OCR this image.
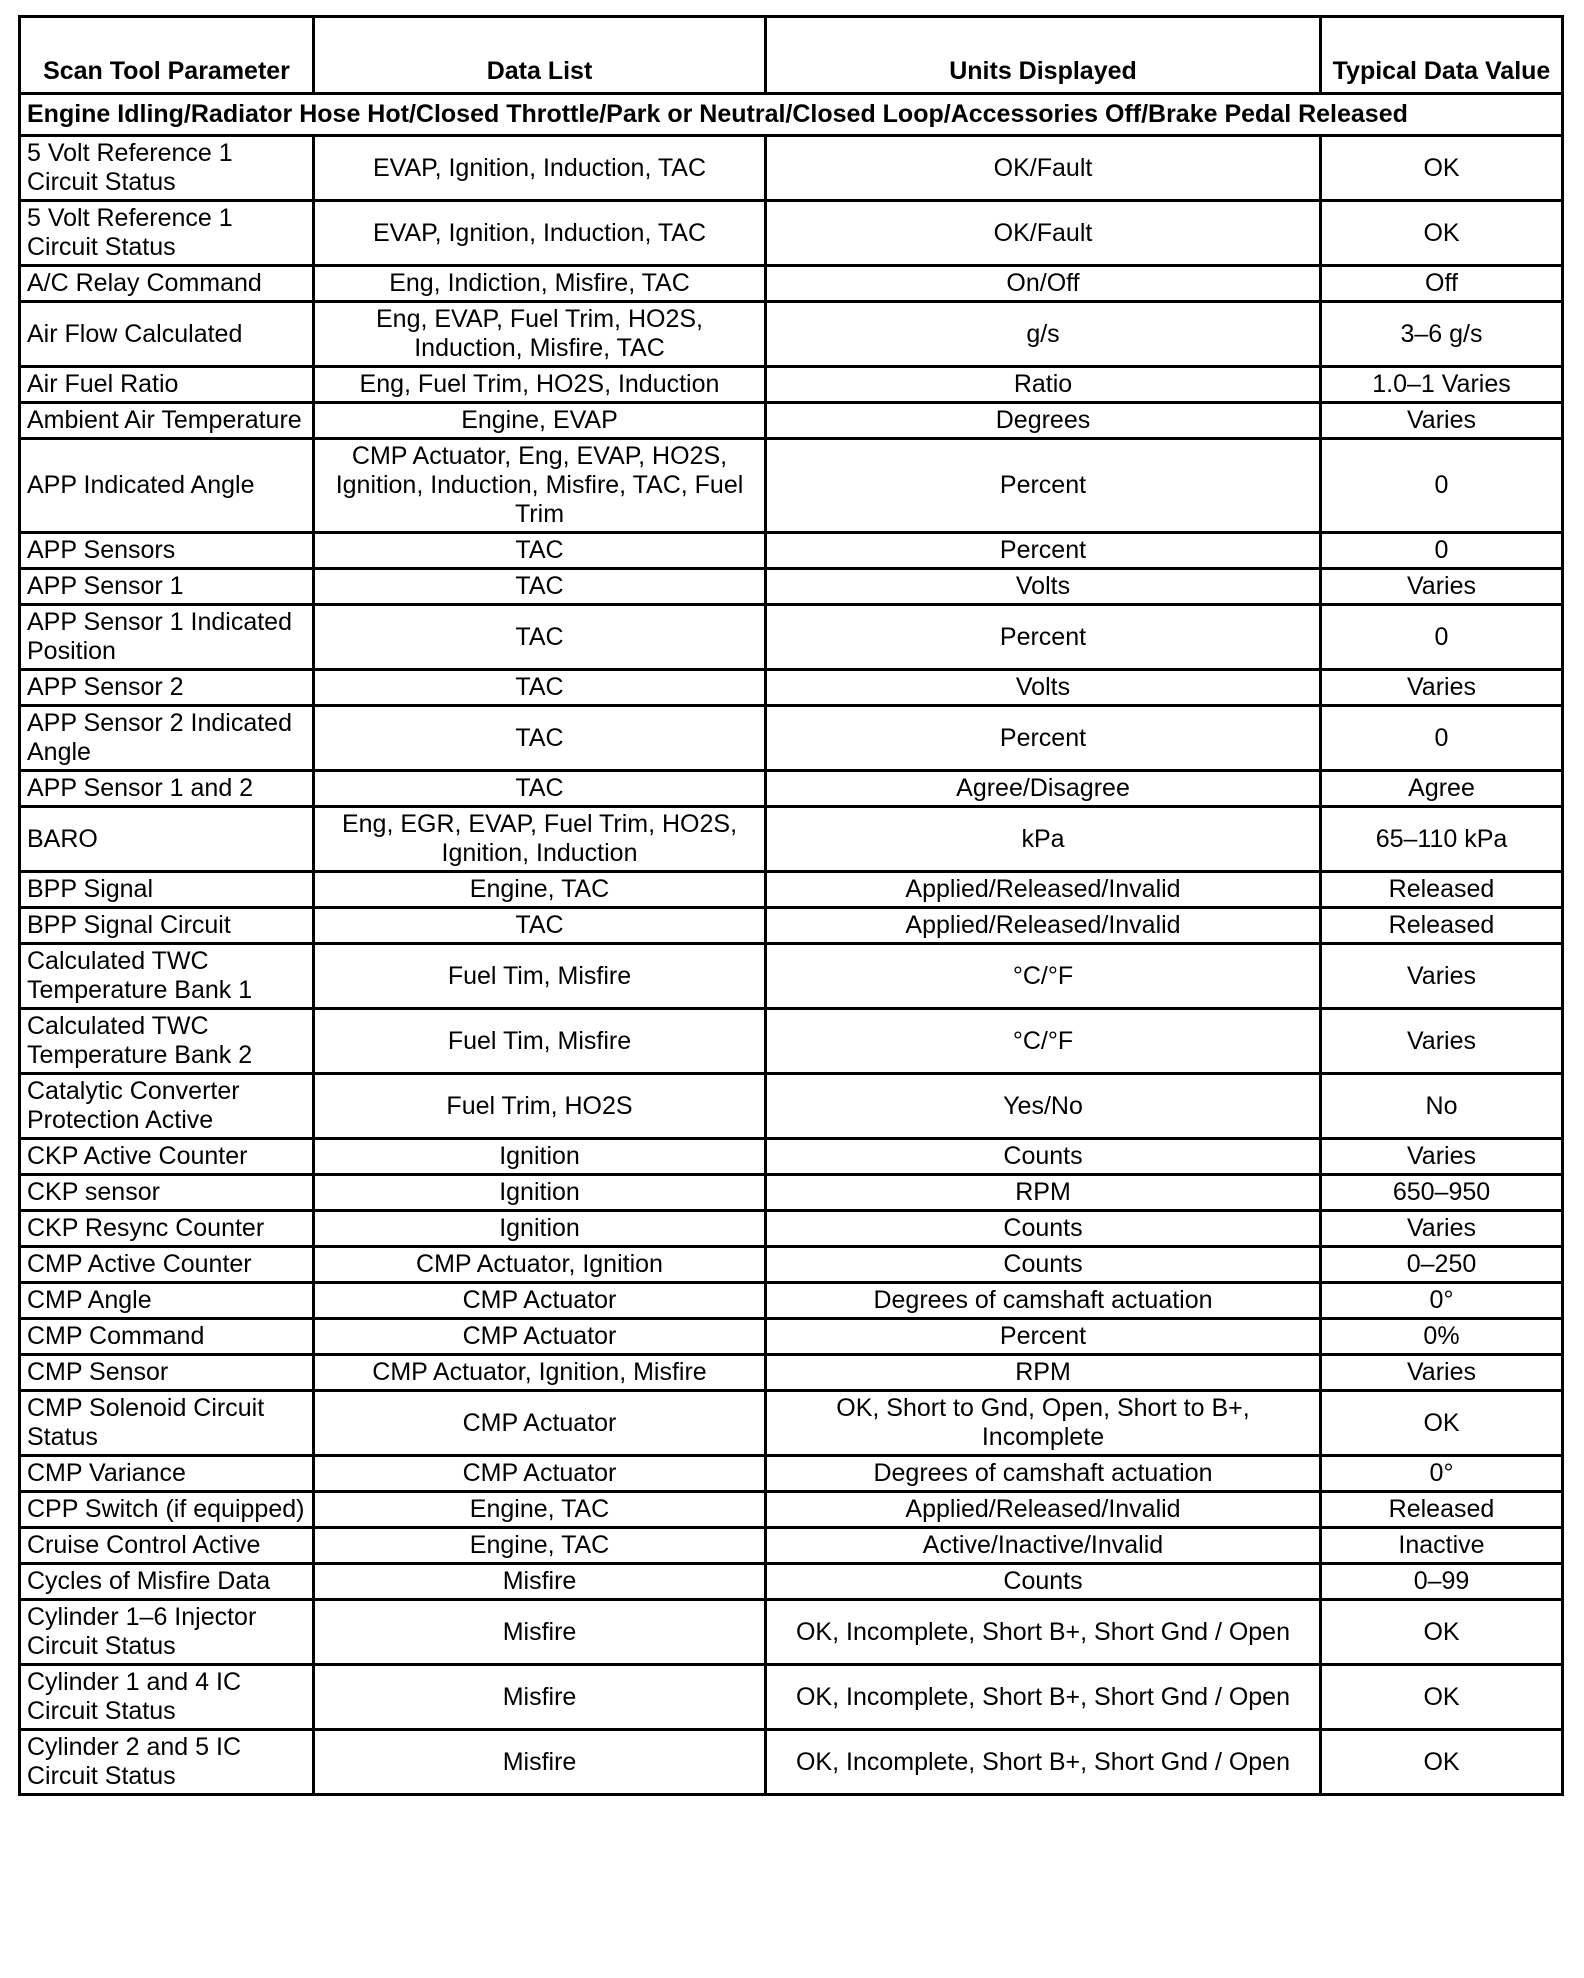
Scan Tool Parameter	Data List	Units Displayed	Typical Data Value
Engine Idling/Radiator Hose Hot/Closed Throttle/Park or Neutral/Closed Loop/Accessories Off/Brake Pedal Released			
5 Volt Reference 1 Circuit Status	EVAP, Ignition, Induction, TAC	OK/Fault	OK
5 Volt Reference 1 Circuit Status	EVAP, Ignition, Induction, TAC	OK/Fault	OK
A/C Relay Command	Eng, Indiction, Misfire, TAC	On/Off	Off
Air Flow Calculated	Eng, EVAP, Fuel Trim, HO2S, Induction, Misfire, TAC	g/s	3–6 g/s
Air Fuel Ratio	Eng, Fuel Trim, HO2S, Induction	Ratio	1.0–1 Varies
Ambient Air Temperature	Engine, EVAP	Degrees	Varies
APP Indicated Angle	CMP Actuator, Eng, EVAP, HO2S, Ignition, Induction, Misfire, TAC, Fuel Trim	Percent	0
APP Sensors	TAC	Percent	0
APP Sensor 1	TAC	Volts	Varies
APP Sensor 1 Indicated Position	TAC	Percent	0
APP Sensor 2	TAC	Volts	Varies
APP Sensor 2 Indicated Angle	TAC	Percent	0
APP Sensor 1 and 2	TAC	Agree/Disagree	Agree
BARO	Eng, EGR, EVAP, Fuel Trim, HO2S, Ignition, Induction	kPa	65–110 kPa
BPP Signal	Engine, TAC	Applied/Released/Invalid	Released
BPP Signal Circuit	TAC	Applied/Released/Invalid	Released
Calculated TWC Temperature Bank 1	Fuel Tim, Misfire	°C/°F	Varies
Calculated TWC Temperature Bank 2	Fuel Tim, Misfire	°C/°F	Varies
Catalytic Converter Protection Active	Fuel Trim, HO2S	Yes/No	No
CKP Active Counter	Ignition	Counts	Varies
CKP sensor	Ignition	RPM	650–950
CKP Resync Counter	Ignition	Counts	Varies
CMP Active Counter	CMP Actuator, Ignition	Counts	0–250
CMP Angle	CMP Actuator	Degrees of camshaft actuation	0°
CMP Command	CMP Actuator	Percent	0%
CMP Sensor	CMP Actuator, Ignition, Misfire	RPM	Varies
CMP Solenoid Circuit Status	CMP Actuator	OK, Short to Gnd, Open, Short to B+, Incomplete	OK
CMP Variance	CMP Actuator	Degrees of camshaft actuation	0°
CPP Switch (if equipped)	Engine, TAC	Applied/Released/Invalid	Released
Cruise Control Active	Engine, TAC	Active/Inactive/Invalid	Inactive
Cycles of Misfire Data	Misfire	Counts	0–99
Cylinder 1–6 Injector Circuit Status	Misfire	OK, Incomplete, Short B+, Short Gnd / Open	OK
Cylinder 1 and 4 IC Circuit Status	Misfire	OK, Incomplete, Short B+, Short Gnd / Open	OK
Cylinder 2 and 5 IC Circuit Status	Misfire	OK, Incomplete, Short B+, Short Gnd / Open	OK
